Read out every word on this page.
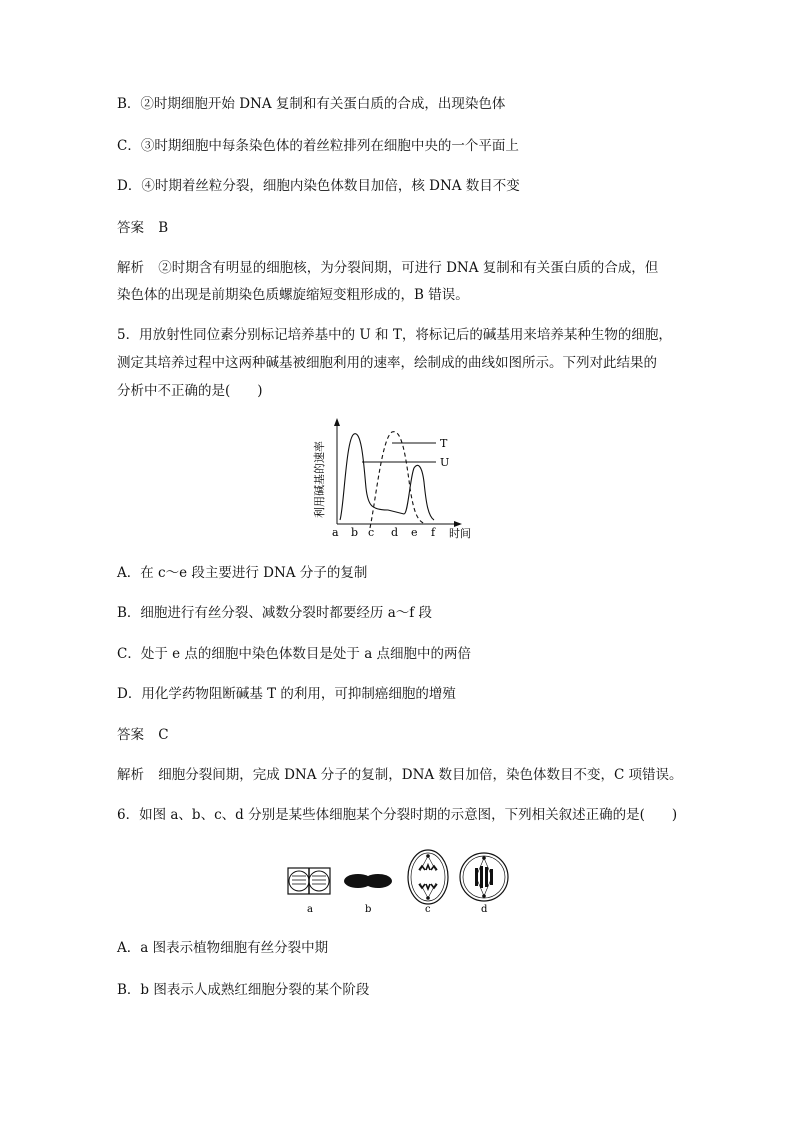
B．②时期细胞开始 DNA 复制和有关蛋白质的合成，出现染色体
C．③时期细胞中每条染色体的着丝粒排列在细胞中央的一个平面上
D．④时期着丝粒分裂，细胞内染色体数目加倍，核 DNA 数目不变
答案 B
解析 ②时期含有明显的细胞核，为分裂间期，可进行 DNA 复制和有关蛋白质的合成，但
染色体的出现是前期染色质螺旋缩短变粗形成的，B 错误。
5．用放射性同位素分别标记培养基中的 U 和 T，将标记后的碱基用来培养某种生物的细胞，
测定其培养过程中这两种碱基被细胞利用的速率，绘制成的曲线如图所示。下列对此结果的
分析中不正确的是(　　)
利用碱基的速率	T
U
a b c d e f 时间
A．在 c～e 段主要进行 DNA 分子的复制
B．细胞进行有丝分裂、减数分裂时都要经历 a～f 段
C．处于 e 点的细胞中染色体数目是处于 a 点细胞中的两倍
D．用化学药物阻断碱基 T 的利用，可抑制癌细胞的增殖
答案 C
解析 细胞分裂间期，完成 DNA 分子的复制，DNA 数目加倍，染色体数目不变，C 项错误。
6．如图 a、b、c、d 分别是某些体细胞某个分裂时期的示意图，下列相关叙述正确的是(　　)
a	b	c	d
A．a 图表示植物细胞有丝分裂中期
B．b 图表示人成熟红细胞分裂的某个阶段
